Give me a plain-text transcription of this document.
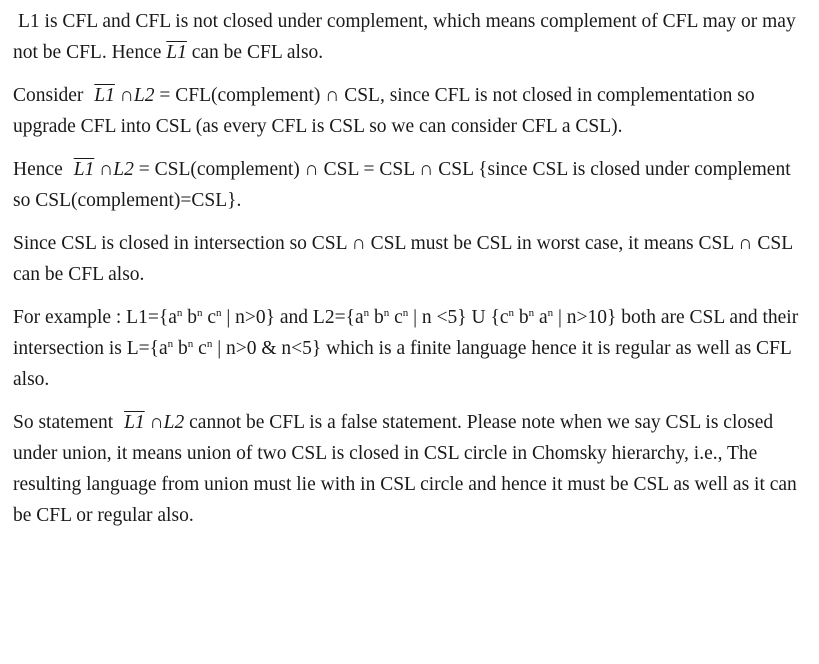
L1 is CFL and CFL is not closed under complement, which means complement of CFL may or may not be CFL. Hence L1 can be CFL also.

Consider L1 ∩L2 = CFL(complement) ∩ CSL, since CFL is not closed in complementation so upgrade CFL into CSL (as every CFL is CSL so we can consider CFL a CSL).

Hence L1 ∩L2 = CSL(complement) ∩ CSL = CSL ∩ CSL {since CSL is closed under complement so CSL(complement)=CSL}.

Since CSL is closed in intersection so CSL ∩ CSL must be CSL in worst case, it means CSL ∩ CSL can be CFL also.

For example : $L1=\{a^n$ $b^n$ $c^n$ | n>0} and $L2=\{a^n$ $b^n$ $c^n$ | n <5} U {$c^n$ $b^n$ $a^n$ | n>10} both are CSL and their intersection is $L=\{a^n$ $b^n$ $c^n$ | n>0 & n<5} which is a finite language hence it is regular as well as CFL also.

So statement L1 ∩L2 cannot be CFL is a false statement. Please note when we say CSL is closed under union, it means union of two CSL is closed in CSL circle in Chomsky hierarchy, i.e., The resulting language from union must lie with in CSL circle and hence it must be CSL as well as it can be CFL or regular also.
